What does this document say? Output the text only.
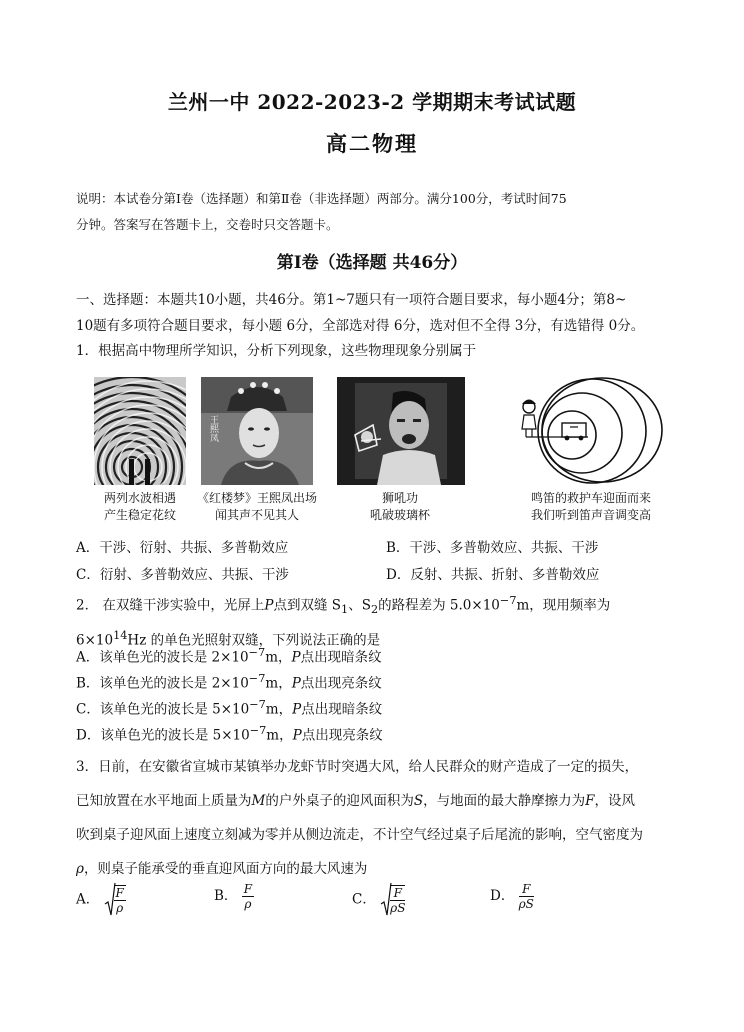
兰州一中 2022-2023-2 学期期末考试试题
高二物理
说明：本试卷分第Ⅰ卷（选择题）和第Ⅱ卷（非选择题）两部分。满分100分，考试时间75
分钟。答案写在答题卡上，交卷时只交答题卡。
第Ⅰ卷（选择题 共46分）
一、选择题：本题共10小题，共46分。第1~7题只有一项符合题目要求，每小题4分；第8~
10题有多项符合题目要求，每小题 6分，全部选对得 6分，选对但不全得 3分，有选错得 0分。
1．根据高中物理所学知识，分析下列现象，这些物理现象分别属于
王熙凤
两列水波相遇
产生稳定花纹
《红楼梦》王熙凤出场
闻其声不见其人
狮吼功
吼破玻璃杯
鸣笛的救护车迎面而来
我们听到笛声音调变高
A．干涉、衍射、共振、多普勒效应	B．干涉、多普勒效应、共振、干涉
C．衍射、多普勒效应、共振、干涉	D．反射、共振、折射、多普勒效应
2． 在双缝干涉实验中，光屏上P点到双缝 $S_1$、$S_2$的路程差为 $5.0\times 10^{-7}m$，现用频率为
$6\times 10^{14}Hz$ 的单色光照射双缝，下列说法正确的是
A．该单色光的波长是 $2\times 10^{-7}m$，P点出现暗条纹
B．该单色光的波长是 $2\times 10^{-7}m$，P点出现亮条纹
C．该单色光的波长是 $5\times 10^{-7}m$，P点出现暗条纹
D．该单色光的波长是 $5\times 10^{-7}m$，P点出现亮条纹
3．日前，在安徽省宣城市某镇举办龙虾节时突遇大风，给人民群众的财产造成了一定的损失，
已知放置在水平地面上质量为M的户外桌子的迎风面积为S，与地面的最大静摩擦力为F，设风
吹到桌子迎风面上速度立刻减为零并从侧边流走，不计空气经过桌子后尾流的影响，空气密度为
ρ，则桌子能承受的垂直迎风面方向的最大风速为
A． $\frac{F}{\rho}$	B． $\frac{F}{\rho}$	C． $\frac{F}{\rho S}$	D． $\frac{F}{\rho S}$
